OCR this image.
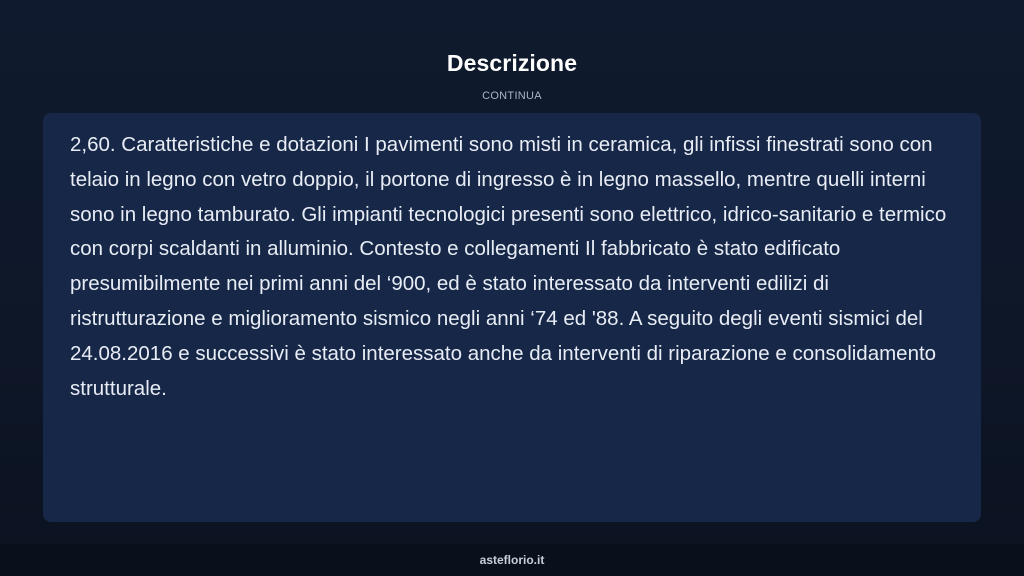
Descrizione
CONTINUA

2,60. Caratteristiche e dotazioni I pavimenti sono misti in ceramica, gli infissi finestrati sono con telaio in legno con vetro doppio, il portone di ingresso è in legno massello, mentre quelli interni sono in legno tamburato. Gli impianti tecnologici presenti sono elettrico, idrico-sanitario e termico con corpi scaldanti in alluminio. Contesto e collegamenti Il fabbricato è stato edificato presumibilmente nei primi anni del ‘900, ed è stato interessato da interventi edilizi di ristrutturazione e miglioramento sismico negli anni ‘74 ed '88. A seguito degli eventi sismici del 24.08.2016 e successivi è stato interessato anche da interventi di riparazione e consolidamento strutturale.

asteflorio.it
